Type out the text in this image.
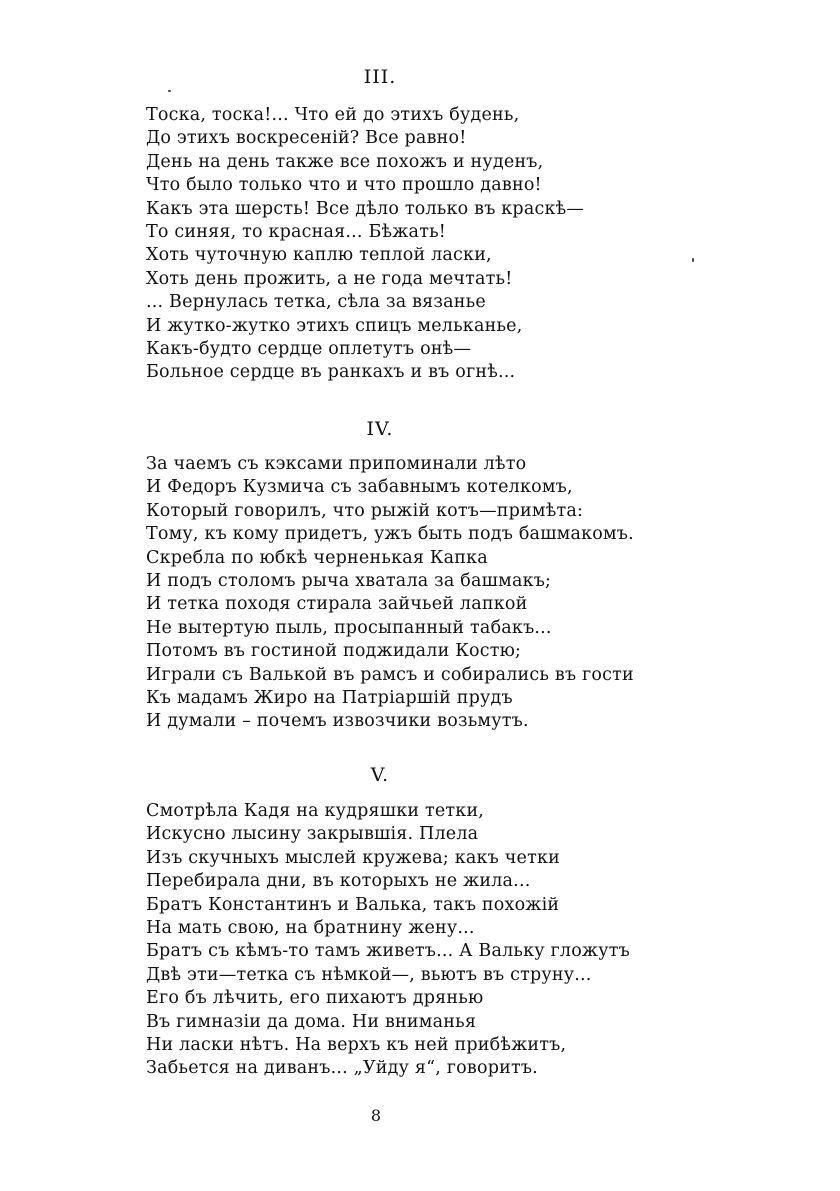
III.
Тоска, тоска!... Что ей до этихъ будень,
До этихъ воскресеній? Все равно!
День на день также все похожъ и нуденъ,
Что было только что и что прошло давно!
Какъ эта шерсть! Все дѣло только въ краскѣ—
То синяя, то красная... Бѣжать!
Хоть чуточную каплю теплой ласки,
Хоть день прожить, а не года мечтать!
... Вернулась тетка, сѣла за вязанье
И жутко-жутко этихъ спицъ мельканье,
Какъ-будто сердце оплетутъ онѣ—
Больное сердце въ ранкахъ и въ огнѣ...
IV.
За чаемъ съ кэксами припоминали лѣто
И Федоръ Кузмича съ забавнымъ котелкомъ,
Который говорилъ, что рыжій котъ—примѣта:
Тому, къ кому придетъ, ужъ быть подъ башмакомъ.
Скребла по юбкѣ черненькая Капка
И подъ столомъ рыча хватала за башмакъ;
И тетка походя стирала зайчьей лапкой
Не вытертую пыль, просыпанный табакъ...
Потомъ въ гостиной поджидали Костю;
Играли съ Валькой въ рамсъ и собирались въ гости
Къ мадамъ Жиро на Патріаршій прудъ
И думали – почемъ извозчики возьмутъ.
V.
Смотрѣла Кадя на кудряшки тетки,
Искусно лысину закрывшія. Плела
Изъ скучныхъ мыслей кружева; какъ четки
Перебирала дни, въ которыхъ не жила...
Братъ Константинъ и Валька, такъ похожій
На мать свою, на братнину жену...
Братъ съ кѣмъ-то тамъ живетъ... А Вальку гложутъ
Двѣ эти—тетка съ нѣмкой—, вьютъ въ струну...
Его бъ лѣчить, его пихаютъ дрянью
Въ гимназіи да дома. Ни вниманья
Ни ласки нѣтъ. На верхъ къ ней прибѣжитъ,
Забьется на диванъ... „Уйду я“, говоритъ.
8
